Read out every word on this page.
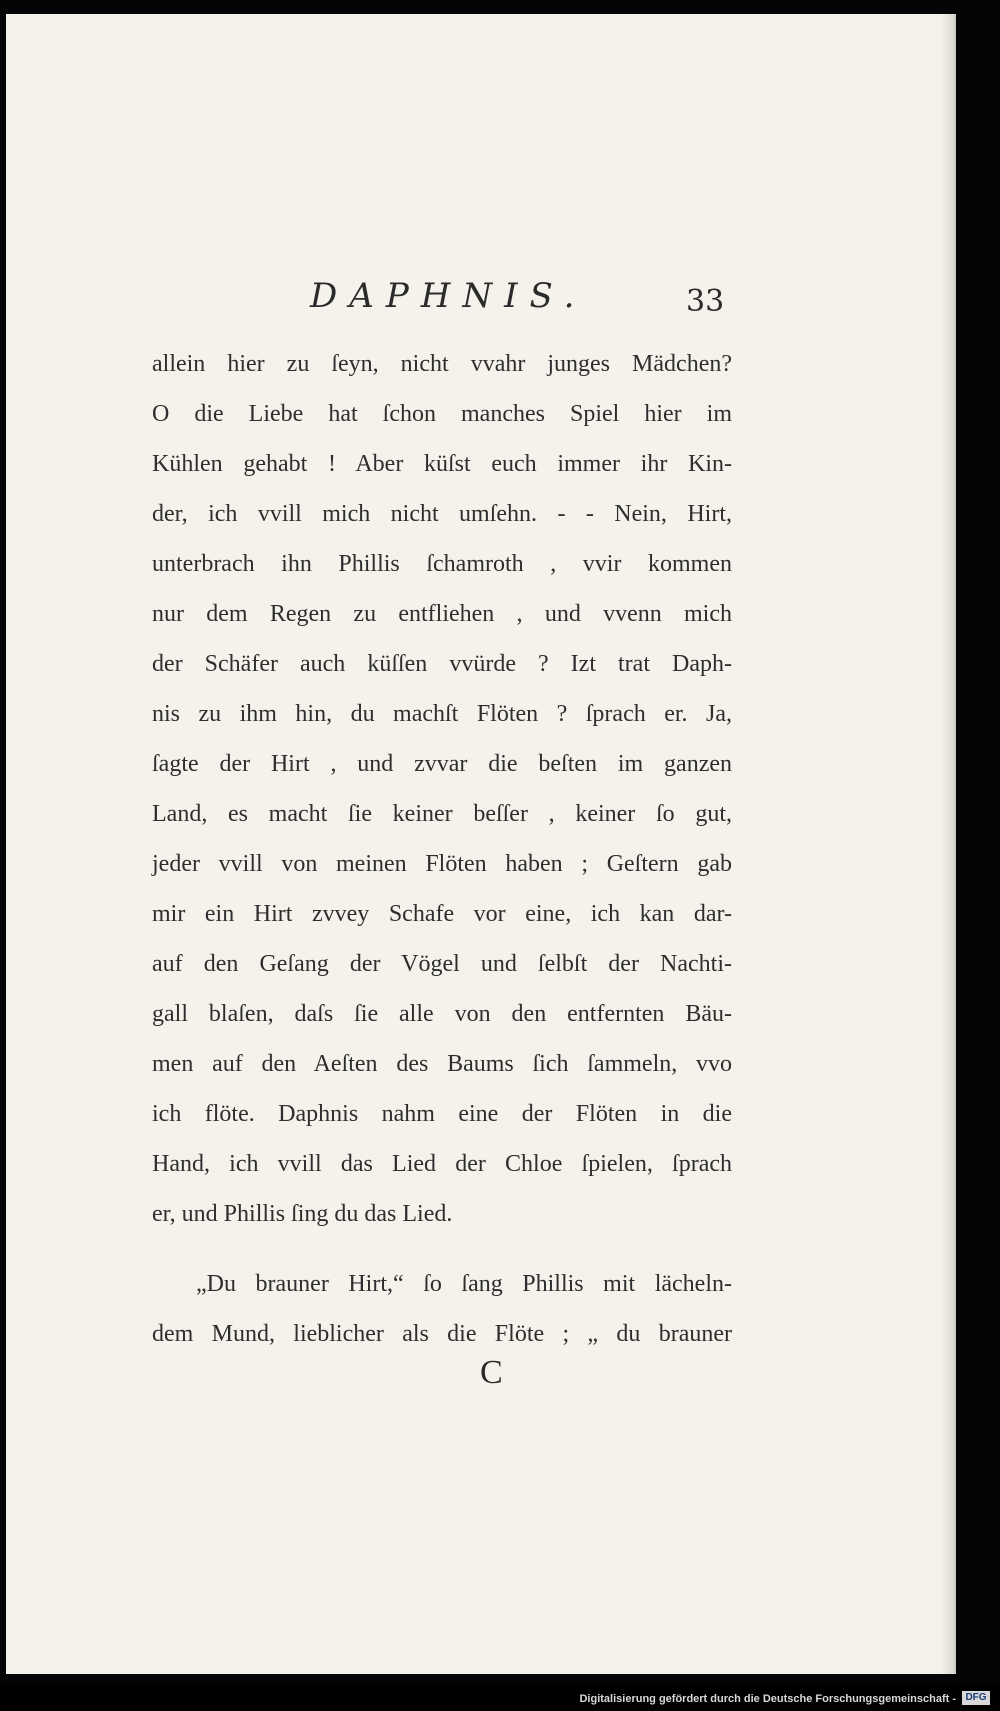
DAPHNIS.	33
allein hier zu ſeyn, nicht vvahr junges Mädchen?
O die Liebe hat ſchon manches Spiel hier im
Kühlen gehabt ! Aber küſst euch immer ihr Kin-
der, ich vvill mich nicht umſehn. - - Nein, Hirt,
unterbrach ihn Phillis ſchamroth , vvir kommen
nur dem Regen zu entfliehen , und vvenn mich
der Schäfer auch küſſen vvürde ? Izt trat Daph-
nis zu ihm hin, du machſt Flöten ? ſprach er. Ja,
ſagte der Hirt , und zvvar die beſten im ganzen
Land, es macht ſie keiner beſſer , keiner ſo gut,
jeder vvill von meinen Flöten haben ; Geſtern gab
mir ein Hirt zvvey Schafe vor eine, ich kan dar-
auf den Geſang der Vögel und ſelbſt der Nachti-
gall blaſen, daſs ſie alle von den entfernten Bäu-
men auf den Aeſten des Baums ſich ſammeln, vvo
ich flöte. Daphnis nahm eine der Flöten in die
Hand, ich vvill das Lied der Chloe ſpielen, ſprach
er, und Phillis ſing du das Lied.
„Du brauner Hirt,“ ſo ſang Phillis mit lächeln-
dem Mund, lieblicher als die Flöte ; „ du brauner
C
Digitalisierung gefördert durch die Deutsche Forschungsgemeinschaft - DFG
